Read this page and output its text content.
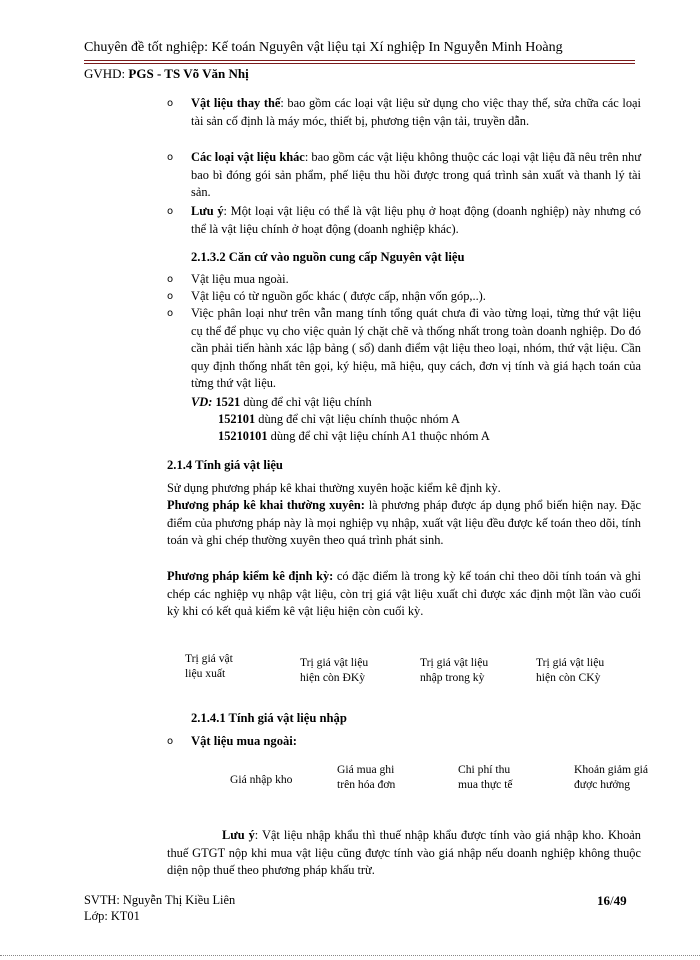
Chuyên đề tốt nghiệp: Kế toán Nguyên vật liệu tại Xí nghiệp In Nguyễn Minh Hoàng
GVHD: PGS - TS Võ Văn Nhị
o Vật liệu thay thế: bao gồm các loại vật liệu sử dụng cho việc thay thế, sửa chữa các loại tài sản cố định là máy móc, thiết bị, phương tiện vận tải, truyền dẫn.
o Các loại vật liệu khác: bao gồm các vật liệu không thuộc các loại vật liệu đã nêu trên như bao bì đóng gói sản phẩm, phế liệu thu hồi được trong quá trình sản xuất và thanh lý tài sản.
o Lưu ý: Một loại vật liệu có thể là vật liệu phụ ở hoạt động (doanh nghiệp) này nhưng có thể là vật liệu chính ở hoạt động (doanh nghiệp khác).
2.1.3.2 Căn cứ vào nguồn cung cấp Nguyên vật liệu
o Vật liệu mua ngoài.
o Vật liệu có từ nguồn gốc khác ( được cấp, nhận vốn góp,..).
o Việc phân loại như trên vẫn mang tính tổng quát chưa đi vào từng loại, từng thứ vật liệu cụ thể để phục vụ cho việc quản lý chặt chẽ và thống nhất trong toàn doanh nghiệp. Do đó cần phải tiến hành xác lập bảng ( sổ) danh điểm vật liệu theo loại, nhóm, thứ vật liệu. Cần quy định thống nhất tên gọi, ký hiệu, mã hiệu, quy cách, đơn vị tính và giá hạch toán của từng thứ vật liệu.
VD: 1521 dùng để chỉ vật liệu chính
152101 dùng để chỉ vật liệu chính thuộc nhóm A
15210101 dùng để chỉ vật liệu chính A1 thuộc nhóm A
2.1.4 Tính giá vật liệu
Sử dụng phương pháp kê khai thường xuyên hoặc kiểm kê định kỳ.
Phương pháp kê khai thường xuyên: là phương pháp được áp dụng phổ biến hiện nay. Đặc điểm của phương pháp này là mọi nghiệp vụ nhập, xuất vật liệu đều được kế toán theo dõi, tính toán và ghi chép thường xuyên theo quá trình phát sinh.
Phương pháp kiểm kê định kỳ: có đặc điểm là trong kỳ kế toán chỉ theo dõi tính toán và ghi chép các nghiệp vụ nhập vật liệu, còn trị giá vật liệu xuất chỉ được xác định một lần vào cuối kỳ khi có kết quả kiểm kê vật liệu hiện còn cuối kỳ.
Trị giá vật
liệu xuất
Trị giá vật liệu
hiện còn ĐKỳ
Trị giá vật liệu
nhập trong kỳ
Trị giá vật liệu
hiện còn CKỳ
2.1.4.1 Tính giá vật liệu nhập
o Vật liệu mua ngoài:
Giá nhập kho
Giá mua ghi
trên hóa đơn
Chi phí thu
mua thực tế
Khoản giảm giá
được hưởng
Lưu ý: Vật liệu nhập khẩu thì thuế nhập khẩu được tính vào giá nhập kho. Khoản thuế GTGT nộp khi mua vật liệu cũng được tính vào giá nhập nếu doanh nghiệp không thuộc diện nộp thuế theo phương pháp khấu trừ.
SVTH: Nguyễn Thị Kiều Liên
Lớp: KT01
16/49
